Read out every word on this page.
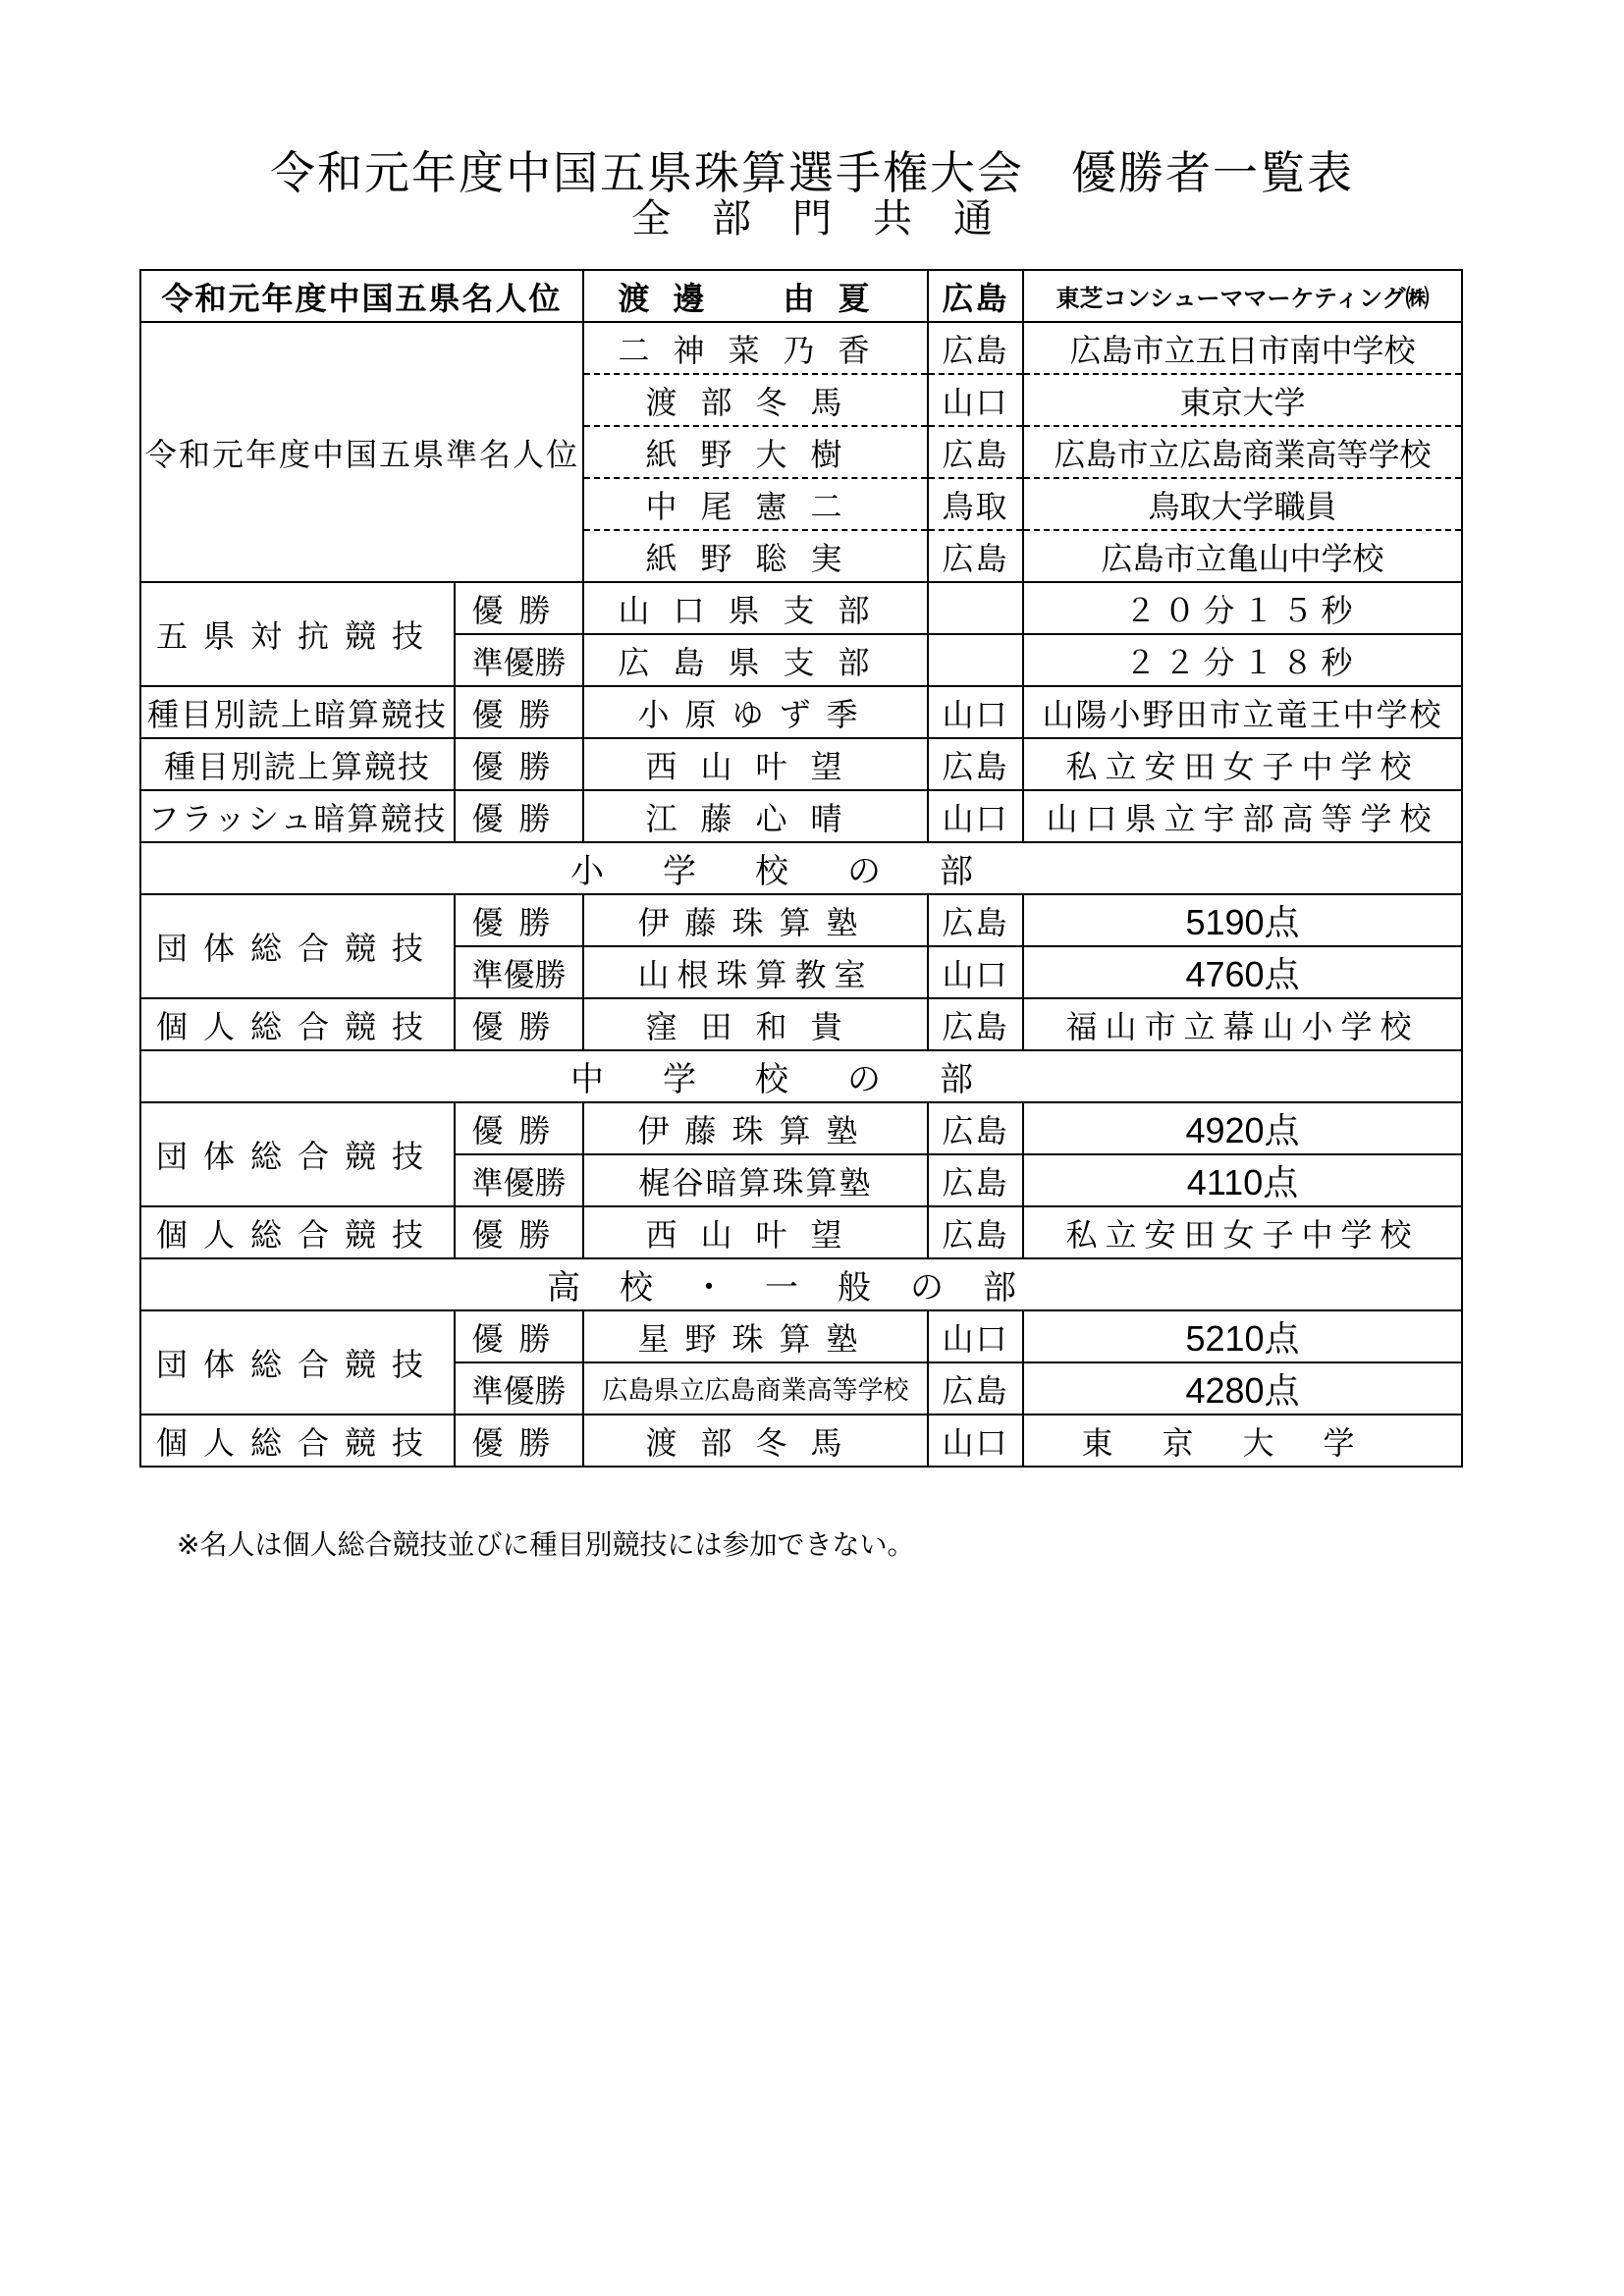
令和元年度中国五県珠算選手権大会　優勝者一覧表
全部門共通
令和元年度中国五県名人位		渡邊　由夏	広島	東芝コンシューママーケティング㈱
令和元年度中国五県準名人位		二神菜乃香	広島	広島市立五日市南中学校
		渡部冬馬	山口	東京大学
		紙野大樹	広島	広島市立広島商業高等学校
		中尾憲二	鳥取	鳥取大学職員
		紙野聡実	広島	広島市立亀山中学校
五県対抗競技	優勝	山口県支部		２０分１５秒
	準優勝	広島県支部		２２分１８秒
種目別読上暗算競技	優勝	小原ゆず季	山口	山陽小野田市立竜王中学校
種目別読上算競技	優勝	西山叶望	広島	私立安田女子中学校
フラッシュ暗算競技	優勝	江藤心晴	山口	山口県立宇部高等学校
小学校の部				
団体総合競技	優勝	伊藤珠算塾	広島	5190点
	準優勝	山根珠算教室	山口	4760点
個人総合競技	優勝	窪田和貴	広島	福山市立幕山小学校
中学校の部				
団体総合競技	優勝	伊藤珠算塾	広島	4920点
	準優勝	梶谷暗算珠算塾	広島	4110点
個人総合競技	優勝	西山叶望	広島	私立安田女子中学校
高校・一般の部				
団体総合競技	優勝	星野珠算塾	山口	5210点
	準優勝	広島県立広島商業高等学校	広島	4280点
個人総合競技	優勝	渡部冬馬	山口	東京大学
※名人は個人総合競技並びに種目別競技には参加できない。
